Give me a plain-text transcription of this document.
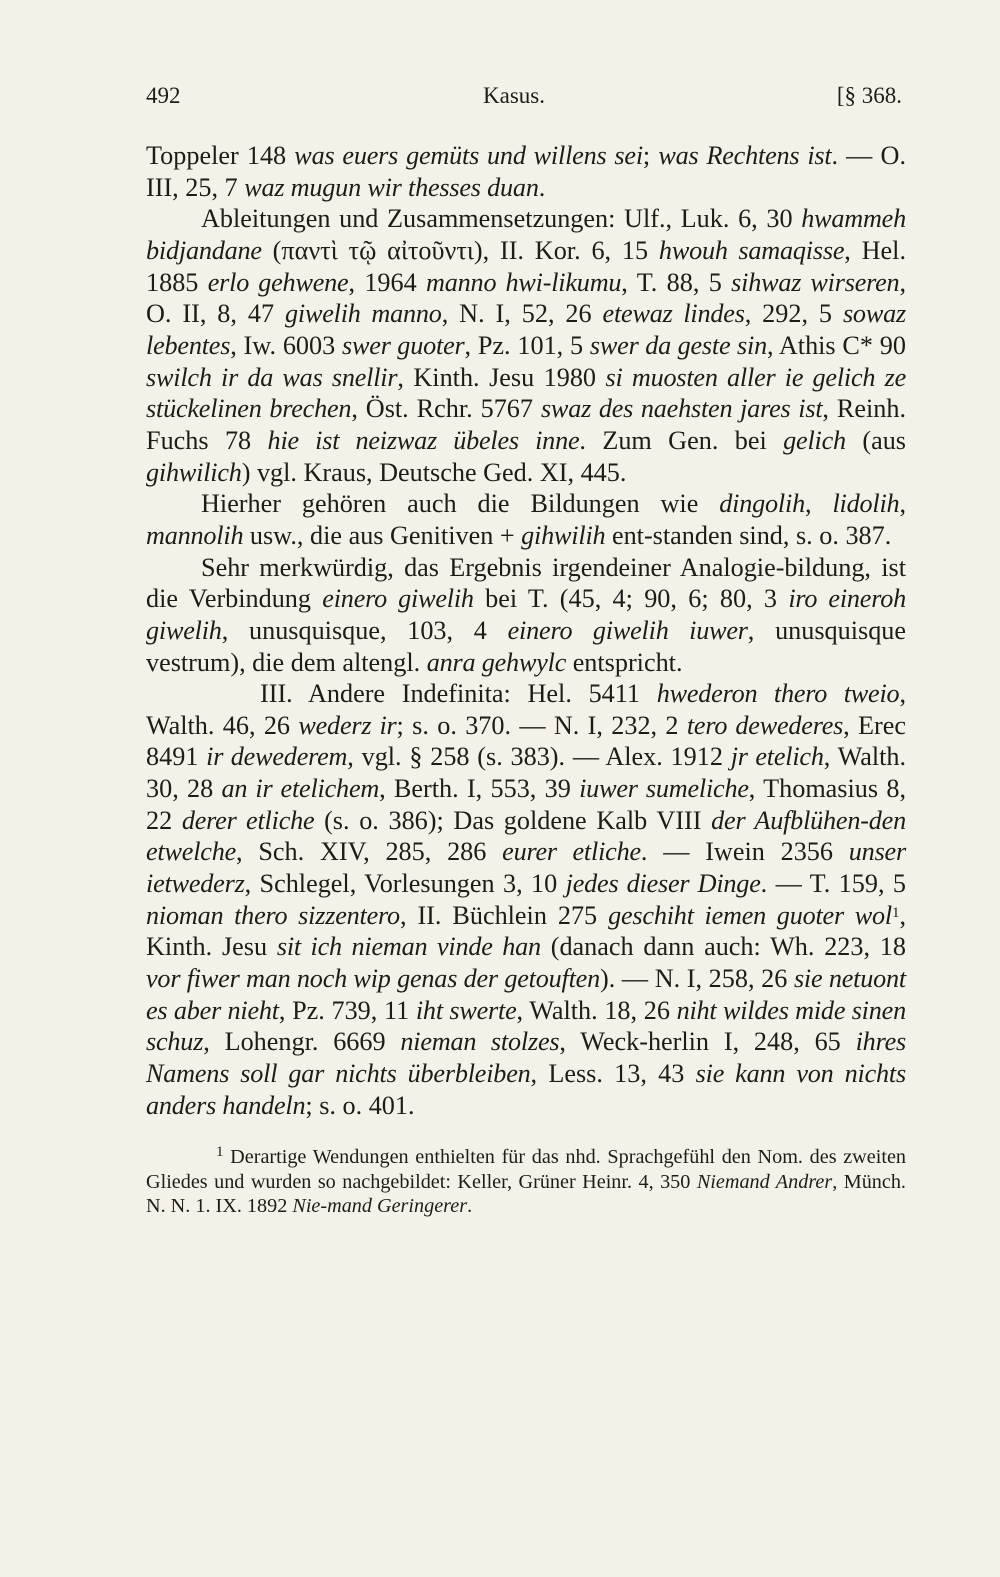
492	Kasus.	[§ 368.

Toppeler 148 was euers gemüts und willens sei; was Rechtens ist. — O. III, 25, 7 waz mugun wir thesses duan.

Ableitungen und Zusammensetzungen: Ulf., Luk. 6, 30 hwammeh bidjandane (παντὶ τῷ αἰτοῦντι), II. Kor. 6, 15 hwouh samaqisse, Hel. 1885 erlo gehwene, 1964 manno hwi-likumu, T. 88, 5 sihwaz wirseren, O. II, 8, 47 giwelih manno, N. I, 52, 26 etewaz lindes, 292, 5 sowaz lebentes, Iw. 6003 swer guoter, Pz. 101, 5 swer da geste sin, Athis C* 90 swilch ir da was snellir, Kinth. Jesu 1980 si muosten aller ie gelich ze stückelinen brechen, Öst. Rchr. 5767 swaz des naehsten jares ist, Reinh. Fuchs 78 hie ist neizwaz übeles inne. Zum Gen. bei gelich (aus gihwilich) vgl. Kraus, Deutsche Ged. XI, 445.

Hierher gehören auch die Bildungen wie dingolih, lidolih, mannolih usw., die aus Genitiven + gihwilih ent-standen sind, s. o. 387.

Sehr merkwürdig, das Ergebnis irgendeiner Analogie-bildung, ist die Verbindung einero giwelih bei T. (45, 4; 90, 6; 80, 3 iro eineroh giwelih, unusquisque, 103, 4 einero giwelih iuwer, unusquisque vestrum), die dem altengl. anra gehwylc entspricht.

III. Andere Indefinita: Hel. 5411 hwederon thero tweio, Walth. 46, 26 wederz ir; s. o. 370. — N. I, 232, 2 tero dewederes, Erec 8491 ir dewederem, vgl. § 258 (s. 383). — Alex. 1912 jr etelich, Walth. 30, 28 an ir etelichem, Berth. I, 553, 39 iuwer sumeliche, Thomasius 8, 22 derer etliche (s. o. 386); Das goldene Kalb VIII der Aufblühen-den etwelche, Sch. XIV, 285, 286 eurer etliche. — Iwein 2356 unser ietwederz, Schlegel, Vorlesungen 3, 10 jedes dieser Dinge. — T. 159, 5 nioman thero sizzentero, II. Büchlein 275 geschiht iemen guoter wol$^1$, Kinth. Jesu sit ich nieman vinde han (danach dann auch: Wh. 223, 18 vor fiwer man noch wip genas der getouften). — N. I, 258, 26 sie netuont es aber nieht, Pz. 739, 11 iht swerte, Walth. 18, 26 niht wildes mide sinen schuz, Lohengr. 6669 nieman stolzes, Weck-herlin I, 248, 65 ihres Namens soll gar nichts überbleiben, Less. 13, 43 sie kann von nichts anders handeln; s. o. 401.

$^1$ Derartige Wendungen enthielten für das nhd. Sprachgefühl den Nom. des zweiten Gliedes und wurden so nachgebildet: Keller, Grüner Heinr. 4, 350 Niemand Andrer, Münch. N. N. 1. IX. 1892 Nie-mand Geringerer.
